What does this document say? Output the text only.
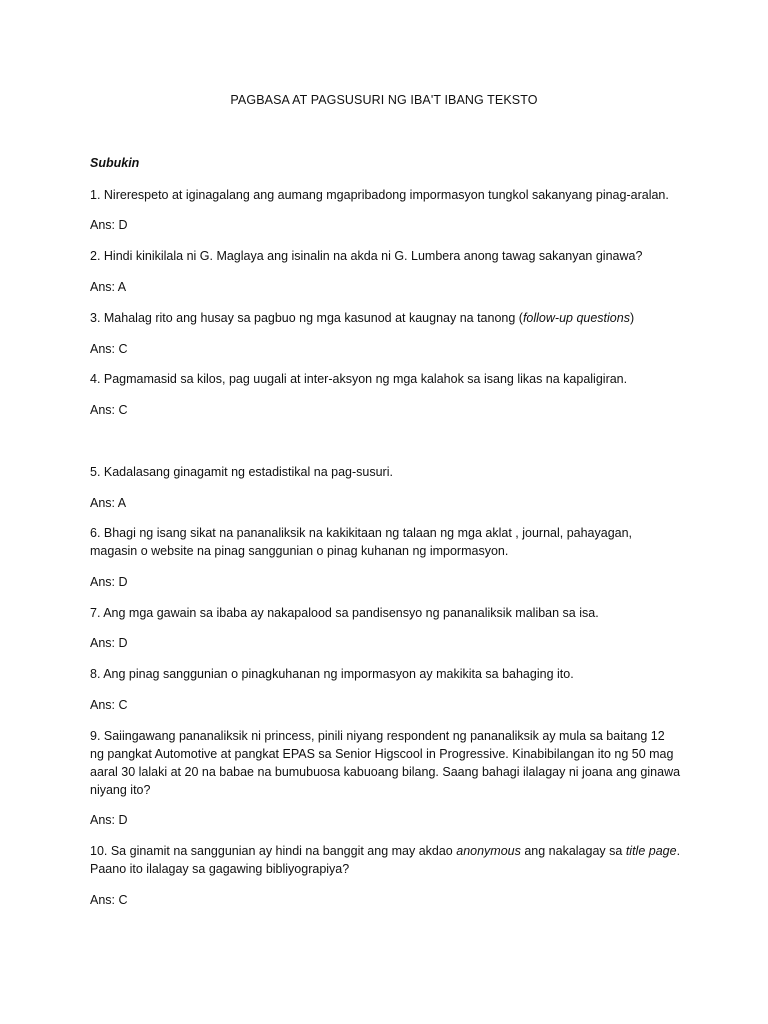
PAGBASA AT PAGSUSURI NG IBA'T IBANG TEKSTO
Subukin
1. Nirerespeto at iginagalang ang aumang mgapribadong impormasyon tungkol sakanyang pinag-aralan.
Ans: D
2. Hindi kinikilala ni G. Maglaya ang isinalin na akda ni G. Lumbera anong tawag sakanyan ginawa?
Ans: A
3. Mahalag rito ang husay sa pagbuo ng mga kasunod at kaugnay na tanong (follow-up questions)
Ans: C
4. Pagmamasid sa kilos, pag uugali at inter-aksyon ng mga kalahok sa isang likas na kapaligiran.
Ans: C
5. Kadalasang ginagamit ng estadistikal na pag-susuri.
Ans: A
6. Bhagi ng isang sikat na pananaliksik na kakikitaan ng talaan ng mga aklat , journal, pahayagan,
magasin o website na pinag sanggunian o pinag kuhanan ng impormasyon.
Ans: D
7. Ang mga gawain sa ibaba ay nakapalood sa pandisensyo ng pananaliksik maliban sa isa.
Ans: D
8. Ang pinag sanggunian o pinagkuhanan ng impormasyon ay makikita sa bahaging ito.
Ans: C
9. Saiingawang pananaliksik ni princess, pinili niyang respondent ng pananaliksik ay mula sa baitang 12
ng pangkat Automotive at pangkat EPAS sa Senior Higscool in Progressive. Kinabibilangan ito ng 50 mag
aaral 30 lalaki at 20 na babae na bumubuosa kabuoang bilang. Saang bahagi ilalagay ni joana ang ginawa
niyang ito?
Ans: D
10. Sa ginamit na sanggunian ay hindi na banggit ang may akdao anonymous ang nakalagay sa title page.
Paano ito ilalagay sa gagawing bibliyograpiya?
Ans: C
